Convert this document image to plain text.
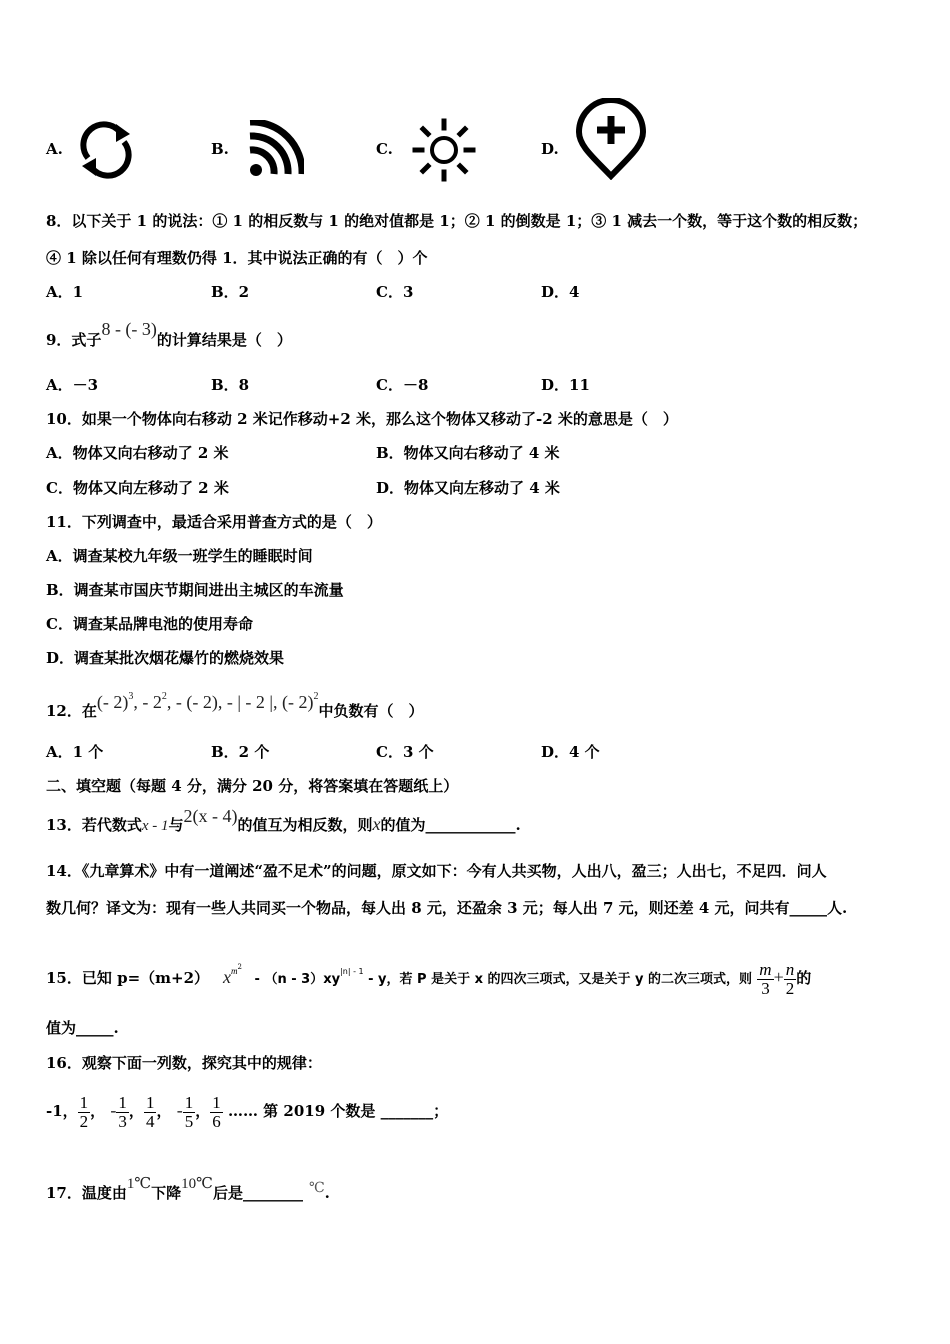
A.	B.	C.	D.
8．以下关于 1 的说法：① 1 的相反数与 1 的绝对值都是 1；② 1 的倒数是 1；③ 1 减去一个数，等于这个数的相反数；
④ 1 除以任何有理数仍得 1．其中说法正确的有（　）个
A．1	B．2	C．3	D．4
9．式子8 - (- 3)的计算结果是（　）
A．－3	B．8	C．－8	D．11
10．如果一个物体向右移动 2 米记作移动+2 米，那么这个物体又移动了-2 米的意思是（　）
A．物体又向右移动了 2 米	B．物体又向右移动了 4 米
C．物体又向左移动了 2 米	D．物体又向左移动了 4 米
11．下列调查中，最适合采用普查方式的是（　）
A．调查某校九年级一班学生的睡眠时间
B．调查某市国庆节期间进出主城区的车流量
C．调查某品牌电池的使用寿命
D．调查某批次烟花爆竹的燃烧效果
12．在(- 2)$^3$, - $2^2$, - (- 2), - | - 2 |, (- 2)$^2$中负数有（　）
A．1 个	B．2 个	C．3 个	D．4 个
二、填空题（每题 4 分，满分 20 分，将答案填在答题纸上）
13．若代数式x - 1与2(x - 4)的值互为相反数，则x的值为____________.
14．《九章算术》中有一道阐述“盈不足术”的问题，原文如下：今有人共买物，人出八，盈三；人出七，不足四．问人
数几何？译文为：现有一些人共同买一个物品，每人出 8 元，还盈余 3 元；每人出 7 元，则还差 4 元，问共有_____人.
15．已知 p=（m+2） $x^{m2} - (n - 3)xy^{|n| - 1}$ - y，若 P 是关于 x 的四次三项式，又是关于 y 的二次三项式，则 $\frac{m}{3} + \frac{n}{2}$ 的
值为_____.
16．观察下面一列数，探究其中的规律：
-1， $\frac{1}{2}$ ， - $\frac{1}{3}$ ， $\frac{1}{4}$ ， - $\frac{1}{5}$ ， $\frac{1}{6}$ …… 第 2019 个数是 _______；
17．温度由1℃下降10℃后是________ ℃.
